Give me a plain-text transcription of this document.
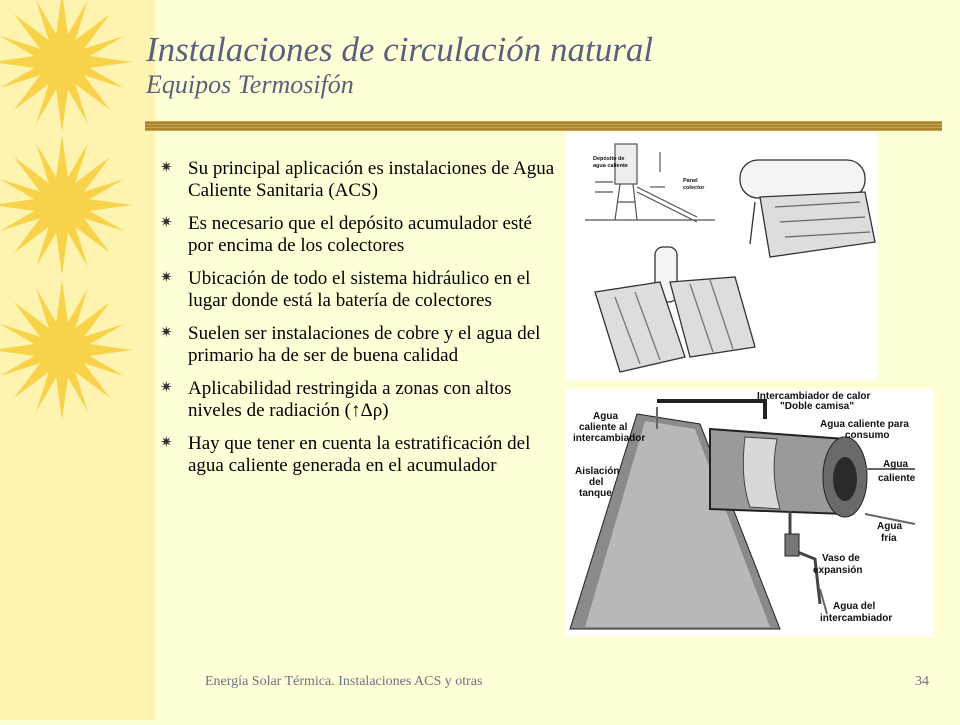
Instalaciones de circulación natural
Equipos Termosifón
✷ Su principal aplicación es instalaciones de Agua Caliente Sanitaria (ACS)
✷ Es necesario que el depósito acumulador esté por encima de los colectores
✷ Ubicación de todo el sistema hidráulico en el lugar donde está la batería de colectores
✷ Suelen ser instalaciones de cobre y el agua del primario ha de ser de buena calidad
✷ Aplicabilidad restringida a zonas con altos niveles de radiación (↑Δρ)
✷ Hay que tener en cuenta la estratificación del agua caliente generada en el acumulador
Depósito de
agua caliente
Panel
colector
Agua
caliente al
intercambiador
Intercambiador de calor
"Doble camisa"
Agua caliente para
consumo
Aislación
del
tanque
Agua
caliente
Agua
fría
Vaso de
expansión
Agua del
intercambiador
Energía Solar Térmica. Instalaciones ACS y otras	34
